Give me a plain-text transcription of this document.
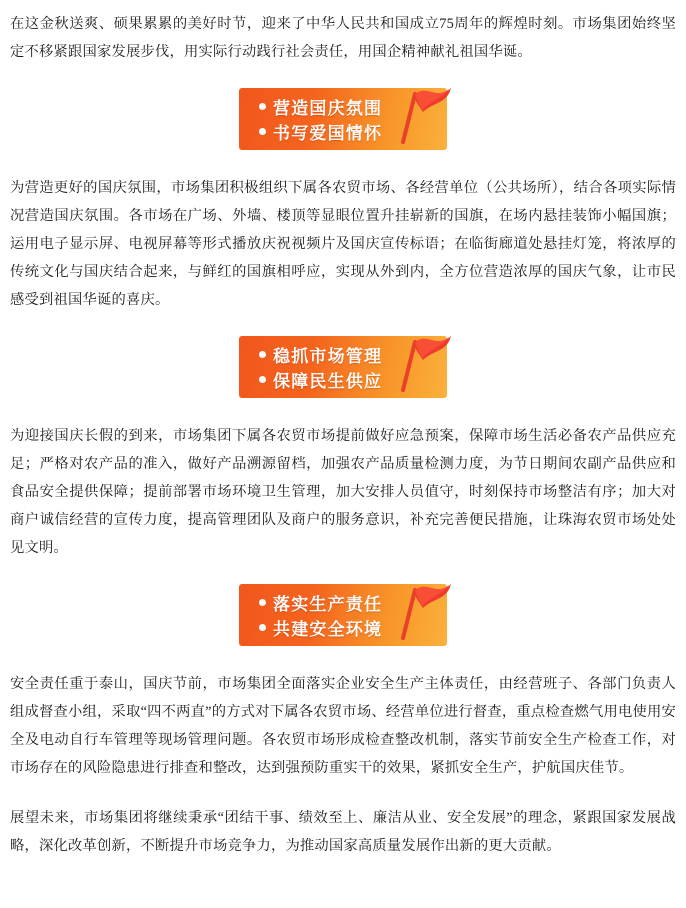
在这金秋送爽、硕果累累的美好时节，迎来了中华人民共和国成立75周年的辉煌时刻。市场集团始终坚定不移紧跟国家发展步伐，用实际行动践行社会责任，用国企精神献礼祖国华诞。

营造国庆氛围
书写爱国情怀

为营造更好的国庆氛围，市场集团积极组织下属各农贸市场、各经营单位（公共场所），结合各项实际情况营造国庆氛围。各市场在广场、外墙、楼顶等显眼位置升挂崭新的国旗，在场内悬挂装饰小幅国旗；运用电子显示屏、电视屏幕等形式播放庆祝视频片及国庆宣传标语；在临街廊道处悬挂灯笼，将浓厚的传统文化与国庆结合起来，与鲜红的国旗相呼应，实现从外到内，全方位营造浓厚的国庆气象，让市民感受到祖国华诞的喜庆。

稳抓市场管理
保障民生供应

为迎接国庆长假的到来，市场集团下属各农贸市场提前做好应急预案，保障市场生活必备农产品供应充足；严格对农产品的准入，做好产品溯源留档，加强农产品质量检测力度，为节日期间农副产品供应和食品安全提供保障；提前部署市场环境卫生管理，加大安排人员值守，时刻保持市场整洁有序；加大对商户诚信经营的宣传力度，提高管理团队及商户的服务意识，补充完善便民措施，让珠海农贸市场处处见文明。

落实生产责任
共建安全环境

安全责任重于泰山，国庆节前，市场集团全面落实企业安全生产主体责任，由经营班子、各部门负责人组成督查小组，采取“四不两直”的方式对下属各农贸市场、经营单位进行督查，重点检查燃气用电使用安全及电动自行车管理等现场管理问题。各农贸市场形成检查整改机制，落实节前安全生产检查工作，对市场存在的风险隐患进行排查和整改，达到强预防重实干的效果，紧抓安全生产，护航国庆佳节。

展望未来，市场集团将继续秉承“团结干事、绩效至上、廉洁从业、安全发展”的理念，紧跟国家发展战略，深化改革创新，不断提升市场竞争力，为推动国家高质量发展作出新的更大贡献。
